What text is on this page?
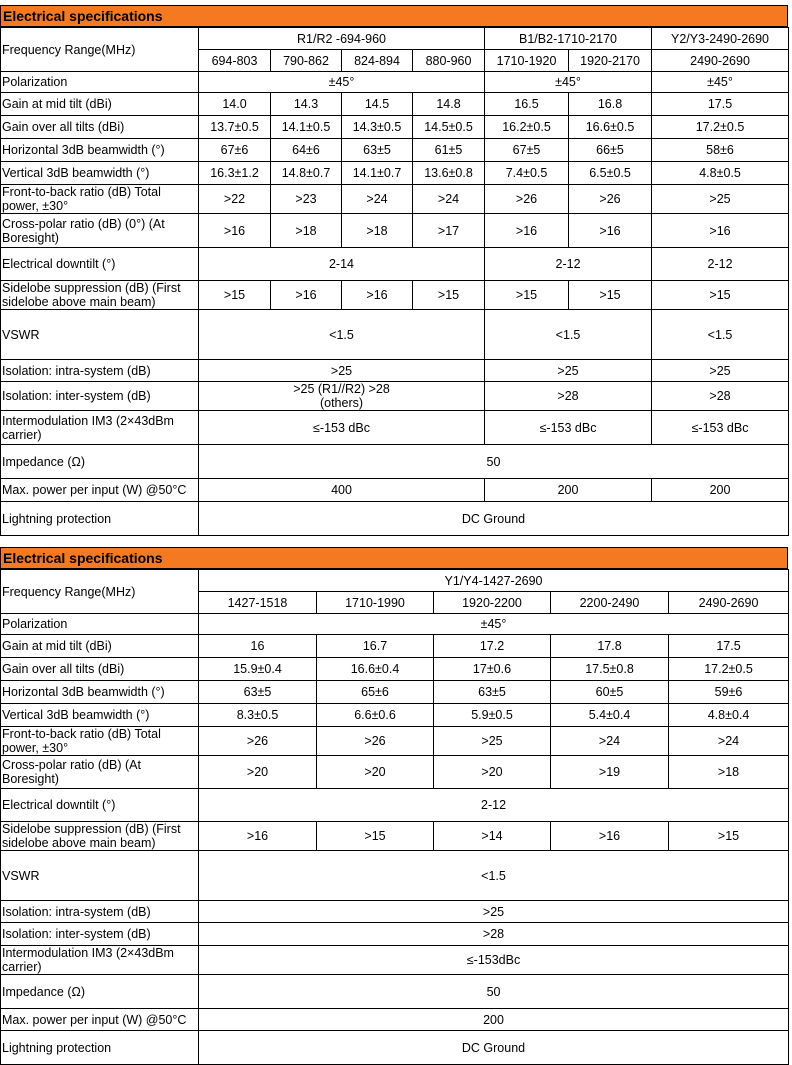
Electrical specifications
Frequency Range(MHz)	R1/R2 -694-960				B1/B2-1710-2170		Y2/Y3-2490-2690
	694-803	790-862	824-894	880-960	1710-1920	1920-2170	2490-2690
Polarization	±45°				±45°		±45°
Gain at mid tilt (dBi)	14.0	14.3	14.5	14.8	16.5	16.8	17.5
Gain over all tilts (dBi)	13.7±0.5	14.1±0.5	14.3±0.5	14.5±0.5	16.2±0.5	16.6±0.5	17.2±0.5
Horizontal 3dB beamwidth (°)	67±6	64±6	63±5	61±5	67±5	66±5	58±6
Vertical 3dB beamwidth (°)	16.3±1.2	14.8±0.7	14.1±0.7	13.6±0.8	7.4±0.5	6.5±0.5	4.8±0.5
Front-to-back ratio (dB) Total power, ±30°	>22	>23	>24	>24	>26	>26	>25
Cross-polar ratio (dB) (0°) (At Boresight)	>16	>18	>18	>17	>16	>16	>16
Electrical downtilt (°)	2-14				2-12		2-12
Sidelobe suppression (dB) (First sidelobe above main beam)	>15	>16	>16	>15	>15	>15	>15
VSWR	<1.5				<1.5		<1.5
Isolation: intra-system (dB)	>25				>25		>25
Isolation: inter-system (dB)	>25 (R1//R2) >28 (others)				>28		>28
Intermodulation IM3 (2×43dBm carrier)	≤-153 dBc				≤-153 dBc		≤-153 dBc
Impedance (Ω)	50						
Max. power per input (W) @50°C	400				200		200
Lightning protection	DC Ground						
Electrical specifications
Frequency Range(MHz)	Y1/Y4-1427-2690				
	1427-1518	1710-1990	1920-2200	2200-2490	2490-2690
Polarization	±45°				
Gain at mid tilt (dBi)	16	16.7	17.2	17.8	17.5
Gain over all tilts (dBi)	15.9±0.4	16.6±0.4	17±0.6	17.5±0.8	17.2±0.5
Horizontal 3dB beamwidth (°)	63±5	65±6	63±5	60±5	59±6
Vertical 3dB beamwidth (°)	8.3±0.5	6.6±0.6	5.9±0.5	5.4±0.4	4.8±0.4
Front-to-back ratio (dB) Total power, ±30°	>26	>26	>25	>24	>24
Cross-polar ratio (dB) (At Boresight)	>20	>20	>20	>19	>18
Electrical downtilt (°)	2-12				
Sidelobe suppression (dB) (First sidelobe above main beam)	>16	>15	>14	>16	>15
VSWR	<1.5				
Isolation: intra-system (dB)	>25				
Isolation: inter-system (dB)	>28				
Intermodulation IM3 (2×43dBm carrier)	≤-153dBc				
Impedance (Ω)	50				
Max. power per input (W) @50°C	200				
Lightning protection	DC Ground				
